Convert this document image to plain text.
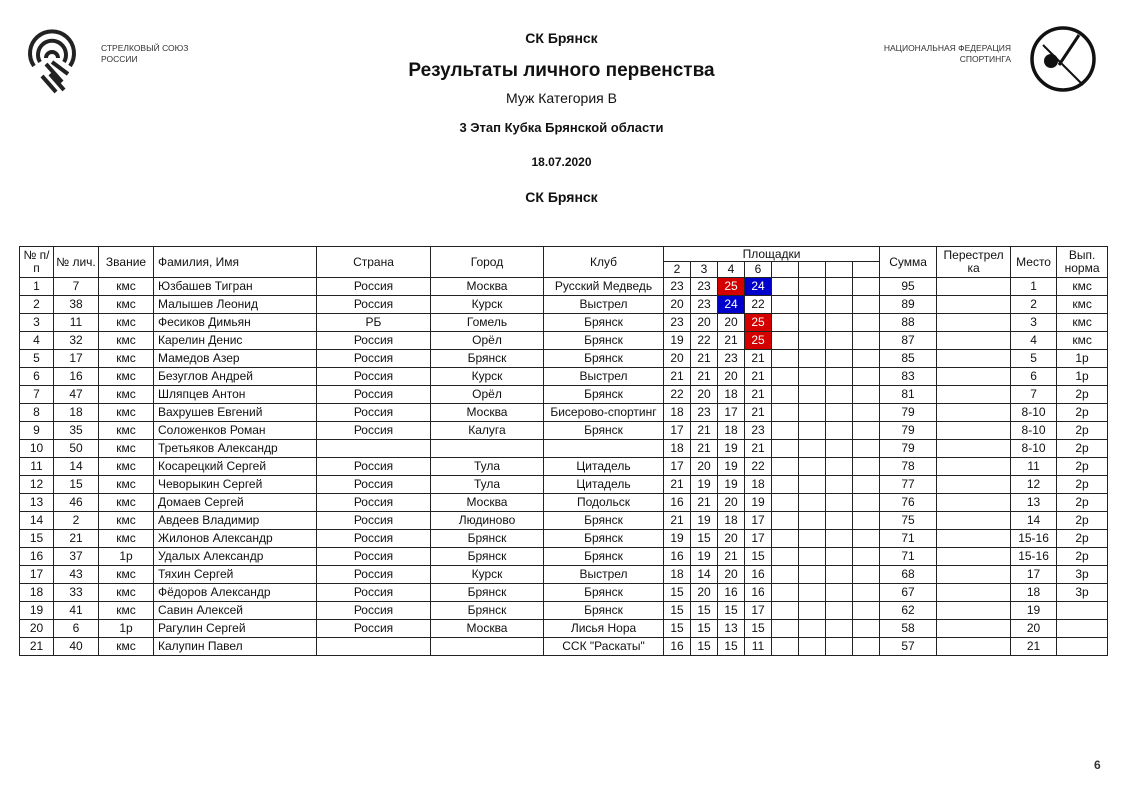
СТРЕЛКОВЫЙ СОЮЗ
РОССИИ
НАЦИОНАЛЬНАЯ ФЕДЕРАЦИЯ
СПОРТИНГА
СК Брянск
Результаты личного первенства
Муж Категория В
3 Этап Кубка Брянской области
18.07.2020
СК Брянск
№ п/п	№ лич.	Звание	Фамилия, Имя	Страна	Город	Клуб	Площадки								Сумма	Перестрел ка	Место	Вып. норма
							2	3	4	6								
1	7	кмс	Юзбашев Тигран	Россия	Москва	Русский Медведь	23	23	25	24					95		1	кмс
2	38	кмс	Малышев Леонид	Россия	Курск	Выстрел	20	23	24	22					89		2	кмс
3	11	кмс	Фесиков Димьян	РБ	Гомель	Брянск	23	20	20	25					88		3	кмс
4	32	кмс	Карелин Денис	Россия	Орёл	Брянск	19	22	21	25					87		4	кмс
5	17	кмс	Мамедов Азер	Россия	Брянск	Брянск	20	21	23	21					85		5	1р
6	16	кмс	Безуглов Андрей	Россия	Курск	Выстрел	21	21	20	21					83		6	1р
7	47	кмс	Шляпцев Антон	Россия	Орёл	Брянск	22	20	18	21					81		7	2р
8	18	кмс	Вахрушев Евгений	Россия	Москва	Бисерово-спортинг	18	23	17	21					79		8-10	2р
9	35	кмс	Соложенков Роман	Россия	Калуга	Брянск	17	21	18	23					79		8-10	2р
10	50	кмс	Третьяков Александр				18	21	19	21					79		8-10	2р
11	14	кмс	Косарецкий Сергей	Россия	Тула	Цитадель	17	20	19	22					78		11	2р
12	15	кмс	Чеворыкин Сергей	Россия	Тула	Цитадель	21	19	19	18					77		12	2р
13	46	кмс	Домаев Сергей	Россия	Москва	Подольск	16	21	20	19					76		13	2р
14	2	кмс	Авдеев Владимир	Россия	Людиново	Брянск	21	19	18	17					75		14	2р
15	21	кмс	Жилонов Александр	Россия	Брянск	Брянск	19	15	20	17					71		15-16	2р
16	37	1р	Удалых Александр	Россия	Брянск	Брянск	16	19	21	15					71		15-16	2р
17	43	кмс	Тяхин Сергей	Россия	Курск	Выстрел	18	14	20	16					68		17	3р
18	33	кмс	Фёдоров Александр	Россия	Брянск	Брянск	15	20	16	16					67		18	3р
19	41	кмс	Савин Алексей	Россия	Брянск	Брянск	15	15	15	17					62		19	
20	6	1р	Рагулин Сергей	Россия	Москва	Лисья Нора	15	15	13	15					58		20	
21	40	кмс	Калупин Павел			ССК "Раскаты"	16	15	15	11					57		21	
6
